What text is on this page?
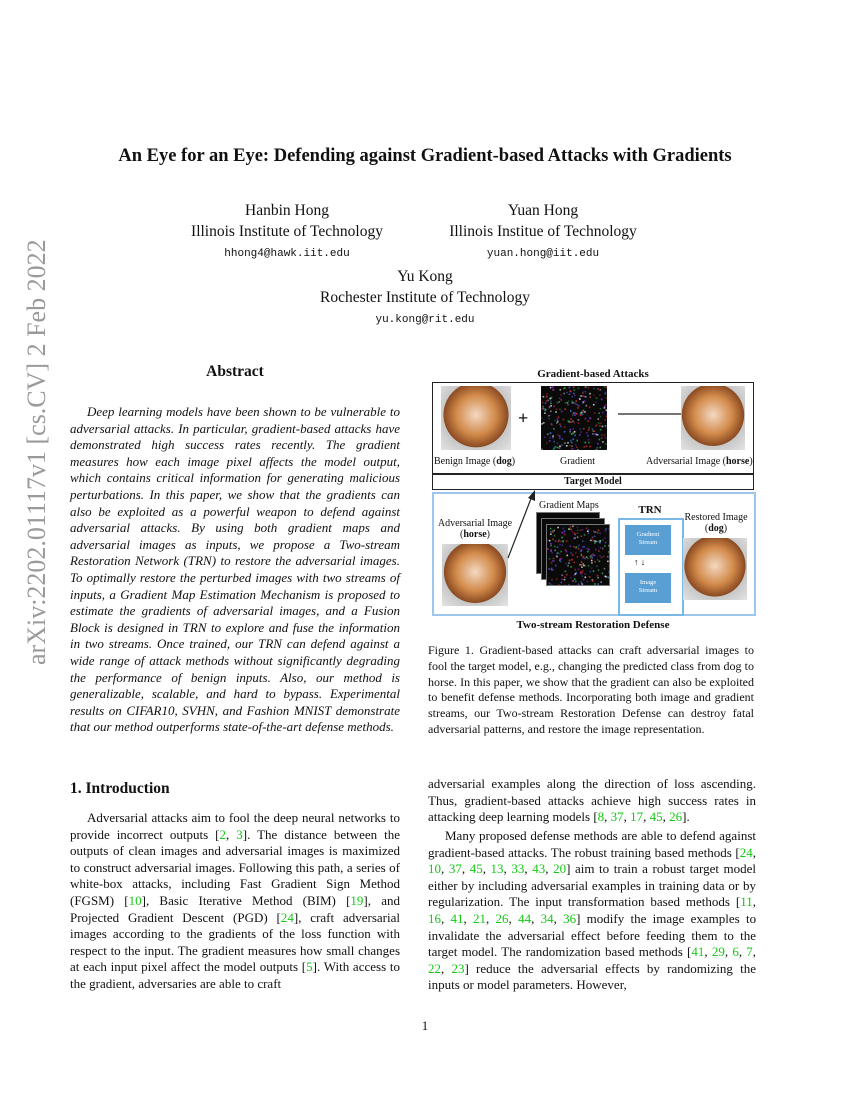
An Eye for an Eye: Defending against Gradient-based Attacks with Gradients
Hanbin Hong
Illinois Institute of Technology
hhong4@hawk.iit.edu
Yuan Hong
Illinois Institue of Technology
yuan.hong@iit.edu
Yu Kong
Rochester Institute of Technology
yu.kong@rit.edu
arXiv:2202.01117v1 [cs.CV] 2 Feb 2022	Abstract
Deep learning models have been shown to be vulnerable to adversarial attacks. In particular, gradient-based attacks have demonstrated high success rates recently. The gradient measures how each image pixel affects the model output, which contains critical information for generating malicious perturbations. In this paper, we show that the gradients can also be exploited as a powerful weapon to defend against adversarial attacks. By using both gradient maps and adversarial images as inputs, we propose a Two-stream Restoration Network (TRN) to restore the adversarial images. To optimally restore the perturbed images with two streams of inputs, a Gradient Map Estimation Mechanism is proposed to estimate the gradients of adversarial images, and a Fusion Block is designed in TRN to explore and fuse the information in two streams. Once trained, our TRN can defend against a wide range of attack methods without significantly degrading the performance of benign inputs. Also, our method is generalizable, scalable, and hard to bypass. Experimental results on CIFAR10, SVHN, and Fashion MNIST demonstrate that our method outperforms state-of-the-art defense methods.
1. Introduction
Adversarial attacks aim to fool the deep neural networks to provide incorrect outputs [2, 3]. The distance between the outputs of clean images and adversarial images is maximized to construct adversarial images. Following this path, a series of white-box attacks, including Fast Gradient Sign Method (FGSM) [10], Basic Iterative Method (BIM) [19], and Projected Gradient Descent (PGD) [24], craft adversarial images according to the gradients of the loss function with respect to the input. The gradient measures how small changes at each input pixel affect the model outputs [5]. With access to the gradient, adversaries are able to craft
Gradient-based Attacks
+
Benign Image (dog)	Gradient	Adversarial Image (horse)
Target Model
Adversarial Image
(horse)
Gradient Maps	TRN
Gradient
Stream
↑ ↓
Image
Stream
Restored Image
(dog)
Two-stream Restoration Defense
Figure 1. Gradient-based attacks can craft adversarial images to fool the target model, e.g., changing the predicted class from dog to horse. In this paper, we show that the gradient can also be exploited to benefit defense methods. Incorporating both image and gradient streams, our Two-stream Restoration Defense can destroy fatal adversarial patterns, and restore the image representation.
adversarial examples along the direction of loss ascending. Thus, gradient-based attacks achieve high success rates in attacking deep learning models [8, 37, 17, 45, 26].
Many proposed defense methods are able to defend against gradient-based attacks. The robust training based methods [24, 10, 37, 45, 13, 33, 43, 20] aim to train a robust target model either by including adversarial examples in training data or by regularization. The input transformation based methods [11, 16, 41, 21, 26, 44, 34, 36] modify the image examples to invalidate the adversarial effect before feeding them to the target model. The randomization based methods [41, 29, 6, 7, 22, 23] reduce the adversarial effects by randomizing the inputs or model parameters. However,
1
